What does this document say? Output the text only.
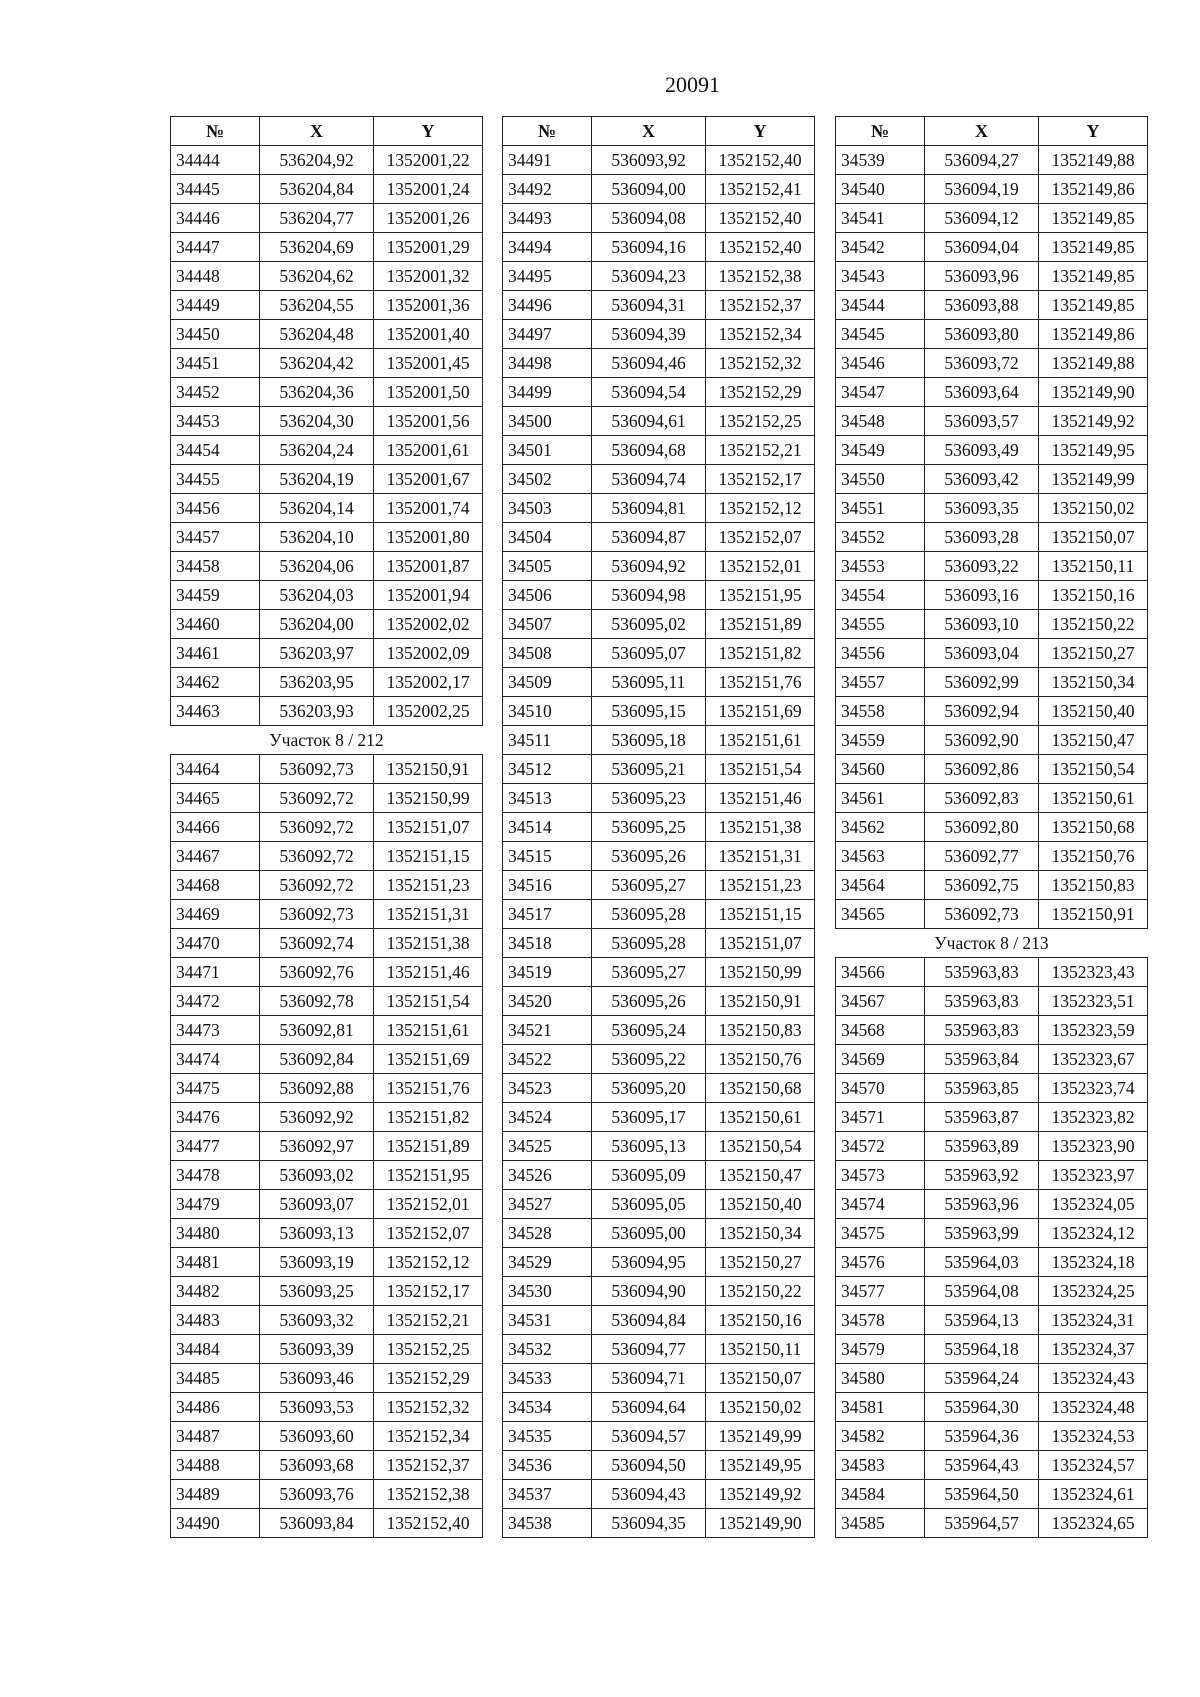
20091
№	X	Y
34444	536204,92	1352001,22
34445	536204,84	1352001,24
34446	536204,77	1352001,26
34447	536204,69	1352001,29
34448	536204,62	1352001,32
34449	536204,55	1352001,36
34450	536204,48	1352001,40
34451	536204,42	1352001,45
34452	536204,36	1352001,50
34453	536204,30	1352001,56
34454	536204,24	1352001,61
34455	536204,19	1352001,67
34456	536204,14	1352001,74
34457	536204,10	1352001,80
34458	536204,06	1352001,87
34459	536204,03	1352001,94
34460	536204,00	1352002,02
34461	536203,97	1352002,09
34462	536203,95	1352002,17
34463	536203,93	1352002,25
Участок 8 / 212		
34464	536092,73	1352150,91
34465	536092,72	1352150,99
34466	536092,72	1352151,07
34467	536092,72	1352151,15
34468	536092,72	1352151,23
34469	536092,73	1352151,31
34470	536092,74	1352151,38
34471	536092,76	1352151,46
34472	536092,78	1352151,54
34473	536092,81	1352151,61
34474	536092,84	1352151,69
34475	536092,88	1352151,76
34476	536092,92	1352151,82
34477	536092,97	1352151,89
34478	536093,02	1352151,95
34479	536093,07	1352152,01
34480	536093,13	1352152,07
34481	536093,19	1352152,12
34482	536093,25	1352152,17
34483	536093,32	1352152,21
34484	536093,39	1352152,25
34485	536093,46	1352152,29
34486	536093,53	1352152,32
34487	536093,60	1352152,34
34488	536093,68	1352152,37
34489	536093,76	1352152,38
34490	536093,84	1352152,40
№	X	Y
34491	536093,92	1352152,40
34492	536094,00	1352152,41
34493	536094,08	1352152,40
34494	536094,16	1352152,40
34495	536094,23	1352152,38
34496	536094,31	1352152,37
34497	536094,39	1352152,34
34498	536094,46	1352152,32
34499	536094,54	1352152,29
34500	536094,61	1352152,25
34501	536094,68	1352152,21
34502	536094,74	1352152,17
34503	536094,81	1352152,12
34504	536094,87	1352152,07
34505	536094,92	1352152,01
34506	536094,98	1352151,95
34507	536095,02	1352151,89
34508	536095,07	1352151,82
34509	536095,11	1352151,76
34510	536095,15	1352151,69
34511	536095,18	1352151,61
34512	536095,21	1352151,54
34513	536095,23	1352151,46
34514	536095,25	1352151,38
34515	536095,26	1352151,31
34516	536095,27	1352151,23
34517	536095,28	1352151,15
34518	536095,28	1352151,07
34519	536095,27	1352150,99
34520	536095,26	1352150,91
34521	536095,24	1352150,83
34522	536095,22	1352150,76
34523	536095,20	1352150,68
34524	536095,17	1352150,61
34525	536095,13	1352150,54
34526	536095,09	1352150,47
34527	536095,05	1352150,40
34528	536095,00	1352150,34
34529	536094,95	1352150,27
34530	536094,90	1352150,22
34531	536094,84	1352150,16
34532	536094,77	1352150,11
34533	536094,71	1352150,07
34534	536094,64	1352150,02
34535	536094,57	1352149,99
34536	536094,50	1352149,95
34537	536094,43	1352149,92
34538	536094,35	1352149,90
№	X	Y
34539	536094,27	1352149,88
34540	536094,19	1352149,86
34541	536094,12	1352149,85
34542	536094,04	1352149,85
34543	536093,96	1352149,85
34544	536093,88	1352149,85
34545	536093,80	1352149,86
34546	536093,72	1352149,88
34547	536093,64	1352149,90
34548	536093,57	1352149,92
34549	536093,49	1352149,95
34550	536093,42	1352149,99
34551	536093,35	1352150,02
34552	536093,28	1352150,07
34553	536093,22	1352150,11
34554	536093,16	1352150,16
34555	536093,10	1352150,22
34556	536093,04	1352150,27
34557	536092,99	1352150,34
34558	536092,94	1352150,40
34559	536092,90	1352150,47
34560	536092,86	1352150,54
34561	536092,83	1352150,61
34562	536092,80	1352150,68
34563	536092,77	1352150,76
34564	536092,75	1352150,83
34565	536092,73	1352150,91
Участок 8 / 213		
34566	535963,83	1352323,43
34567	535963,83	1352323,51
34568	535963,83	1352323,59
34569	535963,84	1352323,67
34570	535963,85	1352323,74
34571	535963,87	1352323,82
34572	535963,89	1352323,90
34573	535963,92	1352323,97
34574	535963,96	1352324,05
34575	535963,99	1352324,12
34576	535964,03	1352324,18
34577	535964,08	1352324,25
34578	535964,13	1352324,31
34579	535964,18	1352324,37
34580	535964,24	1352324,43
34581	535964,30	1352324,48
34582	535964,36	1352324,53
34583	535964,43	1352324,57
34584	535964,50	1352324,61
34585	535964,57	1352324,65
